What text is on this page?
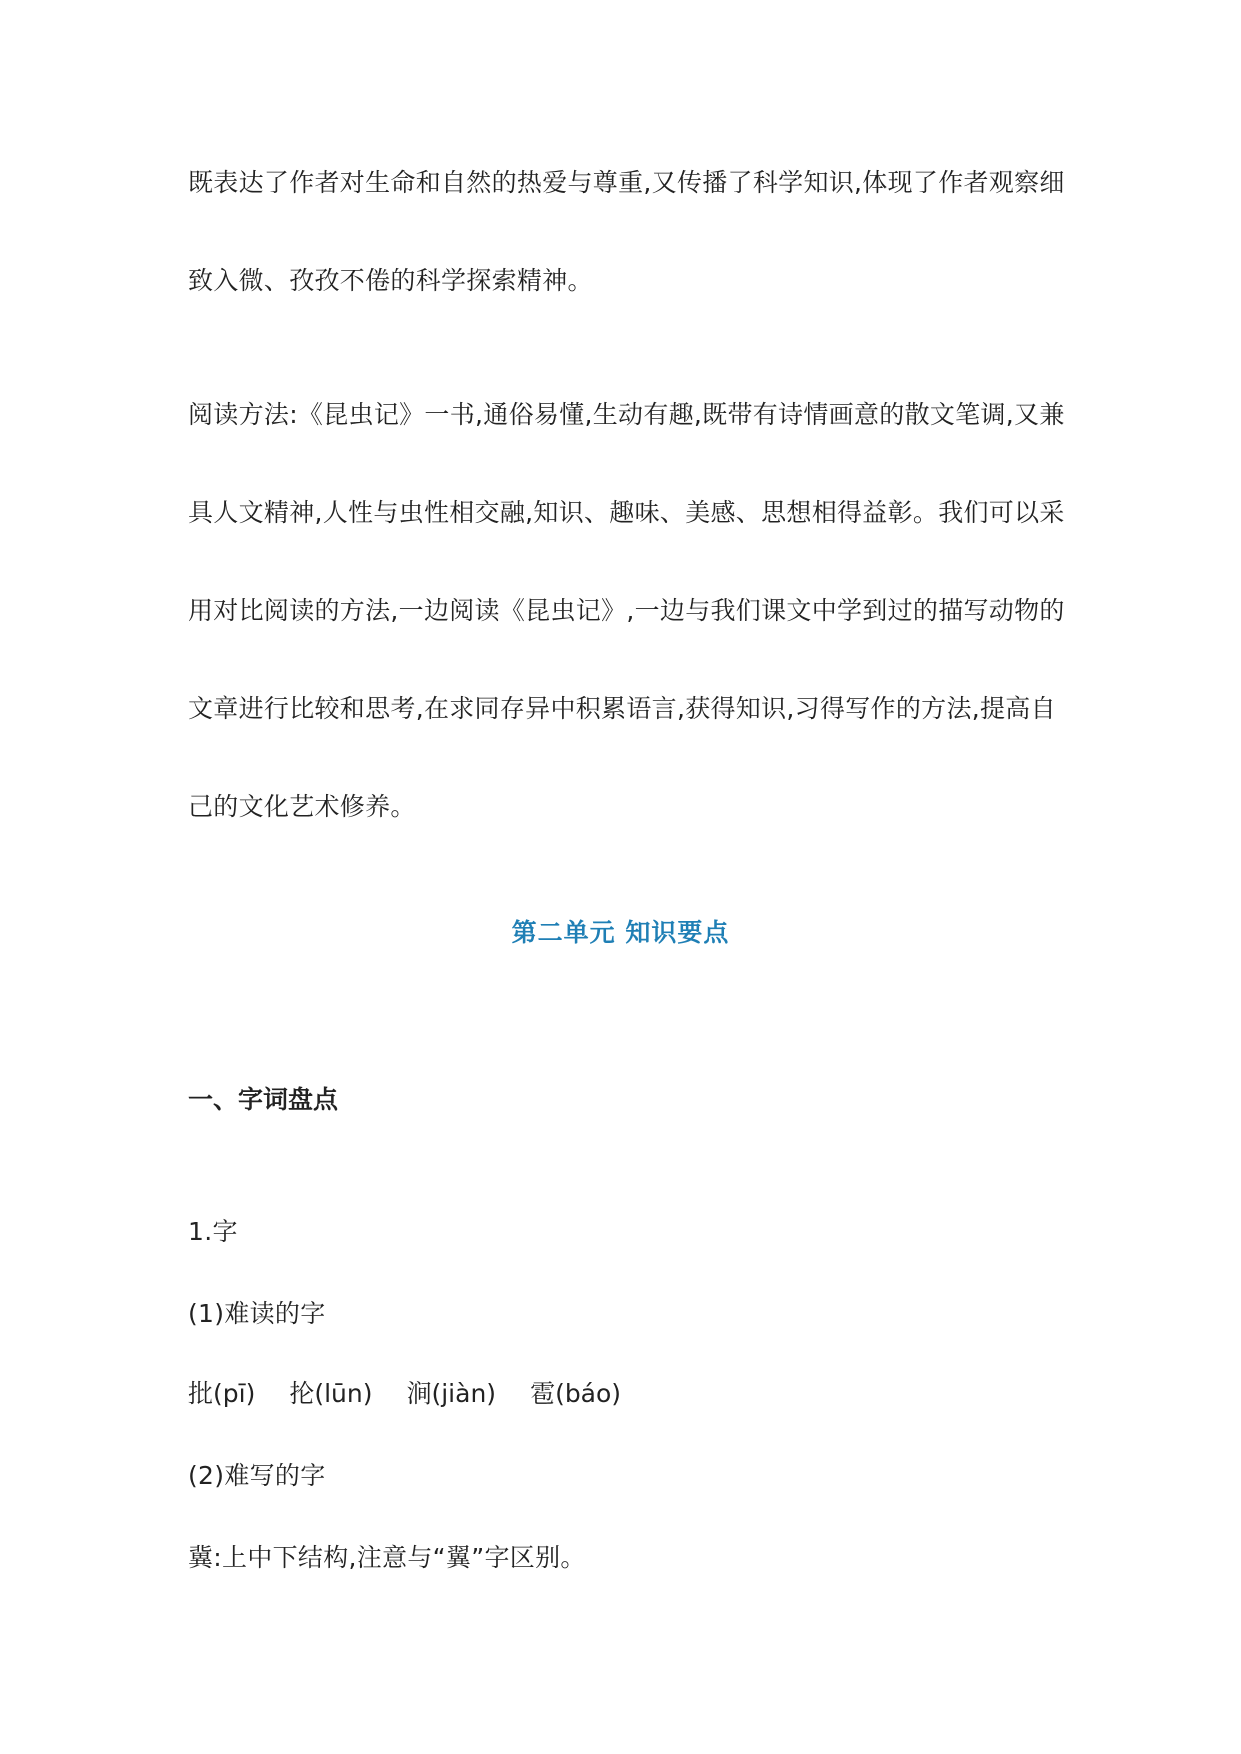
既表达了作者对生命和自然的热爱与尊重,又传播了科学知识,体现了作者观察细
致入微、孜孜不倦的科学探索精神。
阅读方法:《昆虫记》一书,通俗易懂,生动有趣,既带有诗情画意的散文笔调,又兼
具人文精神,人性与虫性相交融,知识、趣味、美感、思想相得益彰。我们可以采
用对比阅读的方法,一边阅读《昆虫记》,一边与我们课文中学到过的描写动物的
文章进行比较和思考,在求同存异中积累语言,获得知识,习得写作的方法,提高自
己的文化艺术修养。
第二单元 知识要点
一、字词盘点
1.字
(1)难读的字
批(pī) 抡(lūn) 涧(jiàn) 雹(báo)
(2)难写的字
冀:上中下结构,注意与“翼”字区别。
